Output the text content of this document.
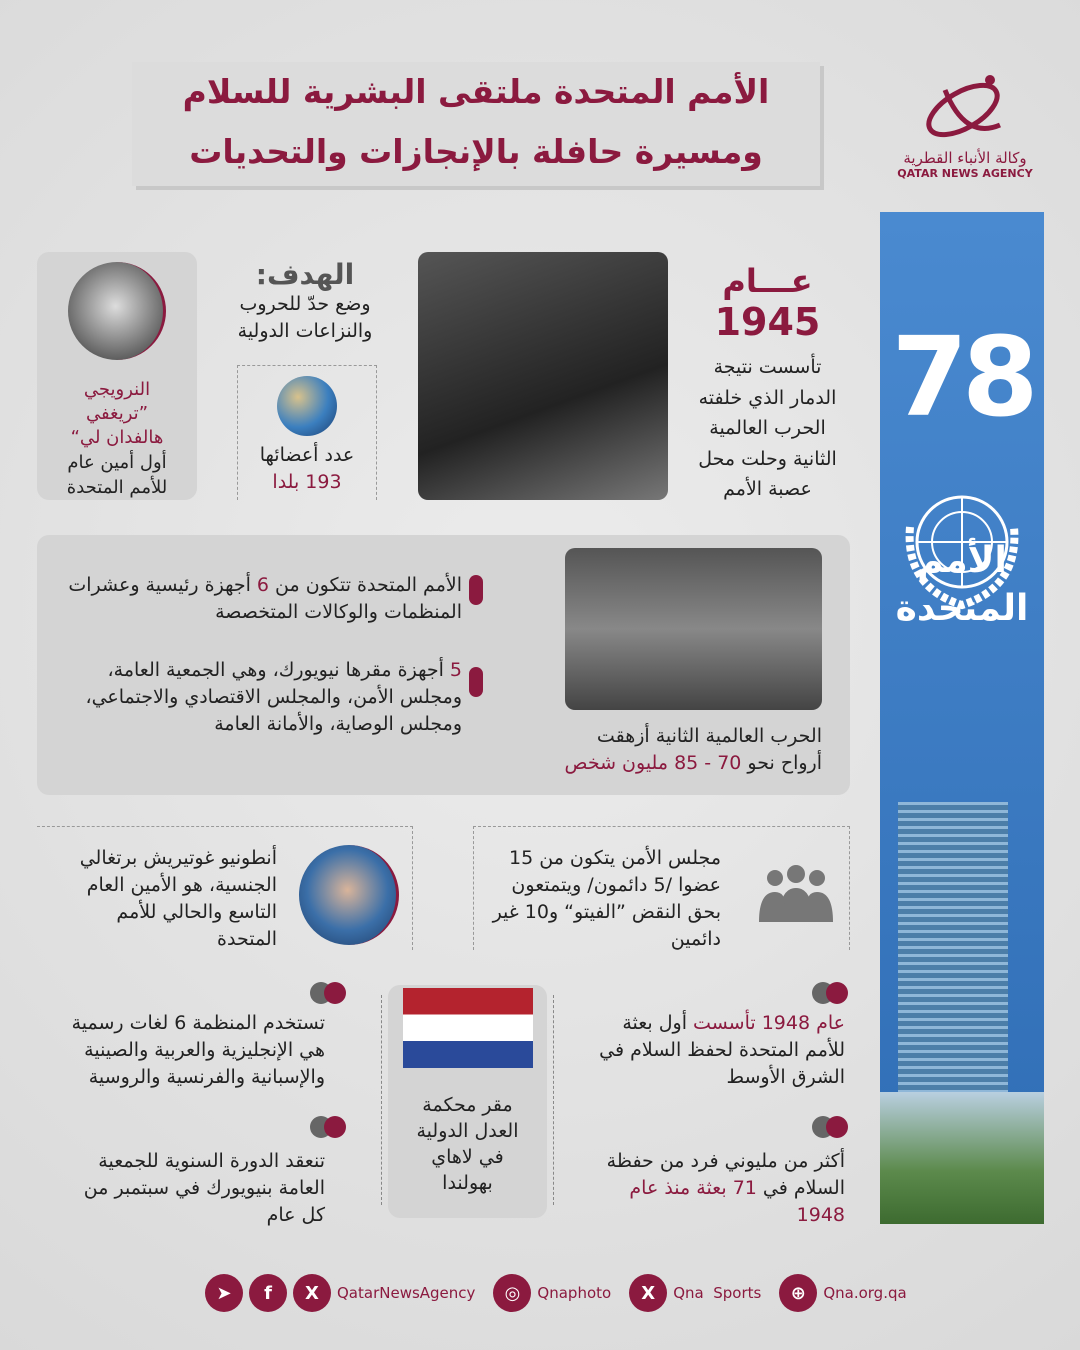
الأمم المتحدة ملتقى البشرية للسلام
ومسيرة حافلة بالإنجازات والتحديات	وكالة الأنباء القطرية
QATAR NEWS AGENCY
78
الأمم
المتحدة
عـــام
1945
تأسست نتيجة
الدمار الذي خلفته
الحرب العالمية
الثانية وحلت محل
عصبة الأمم
الهدف:
وضع حدّ للحروب
والنزاعات الدولية
عدد أعضائها
193 بلدا
النرويجي
”تريغفي
هالفدان لي“
أول أمين عام
للأمم المتحدة
الأمم المتحدة تتكون من 6 أجهزة رئيسية وعشرات المنظمات والوكالات المتخصصة
5 أجهزة مقرها نيويورك، وهي الجمعية العامة، ومجلس الأمن، والمجلس الاقتصادي والاجتماعي، ومجلس الوصاية، والأمانة العامة
الحرب العالمية الثانية أزهقت
أرواح نحو 70 - 85 مليون شخص
أنطونيو غوتيريش برتغالي الجنسية، هو الأمين العام التاسع والحالي للأمم المتحدة
مجلس الأمن يتكون من 15 عضوا /5 دائمون/ ويتمتعون بحق النقض ”الفيتو“ و10 غير دائمين
تستخدم المنظمة 6 لغات رسمية هي الإنجليزية والعربية والصينية والإسبانية والفرنسية والروسية
تنعقد الدورة السنوية للجمعية العامة بنيويورك في سبتمبر من كل عام
مقر محكمة
العدل الدولية
في لاهاي
بهولندا
عام 1948 تأسست أول بعثة للأمم المتحدة لحفظ السلام في الشرق الأوسط
أكثر من مليوني فرد من حفظة السلام في 71 بعثة منذ عام 1948
➤	f	X	QatarNewsAgency	◎	Qnaphoto	X	Qna  Sports	⊕	Qna.org.qa
